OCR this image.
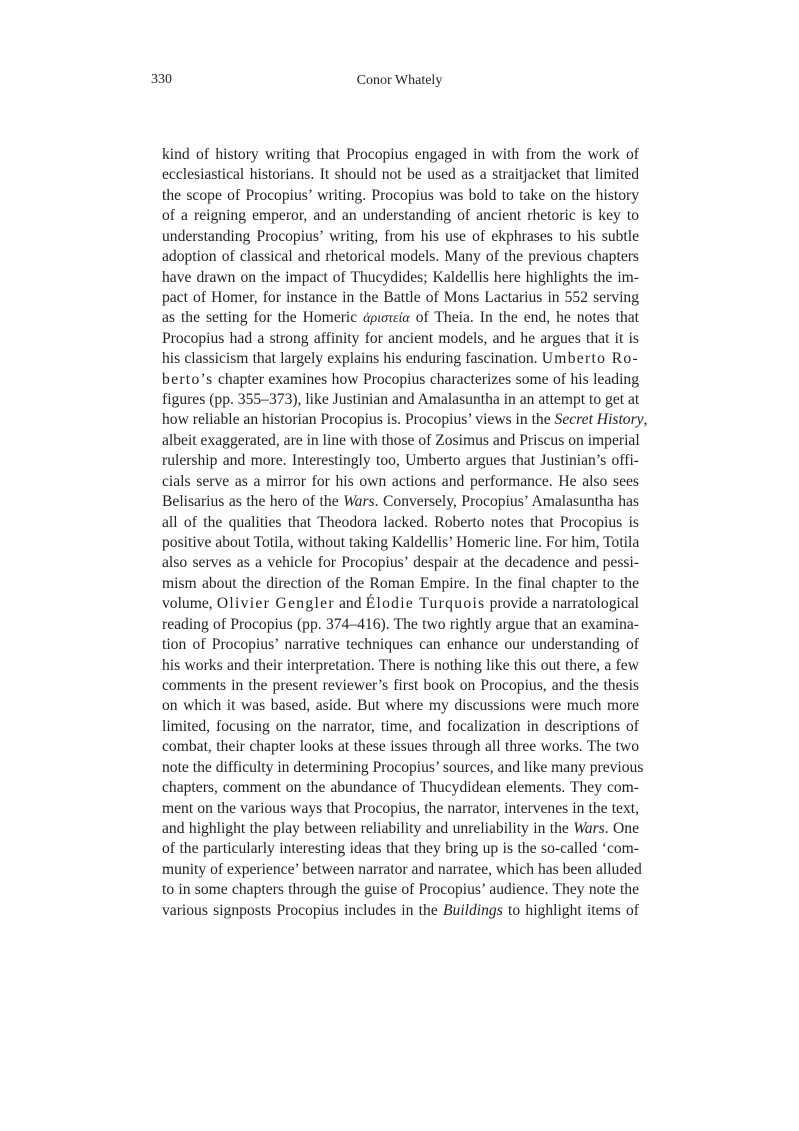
330	Conor Whately
kind of history writing that Procopius engaged in with from the work of
ecclesiastical historians. It should not be used as a straitjacket that limited
the scope of Procopius’ writing. Procopius was bold to take on the history
of a reigning emperor, and an understanding of ancient rhetoric is key to
understanding Procopius’ writing, from his use of ekphrases to his subtle
adoption of classical and rhetorical models. Many of the previous chapters
have drawn on the impact of Thucydides; Kaldellis here highlights the im-
pact of Homer, for instance in the Battle of Mons Lactarius in 552 serving
as the setting for the Homeric ἀριστεία of Theia. In the end, he notes that
Procopius had a strong affinity for ancient models, and he argues that it is
his classicism that largely explains his enduring fascination. Umberto Ro-
berto’s chapter examines how Procopius characterizes some of his leading
figures (pp. 355–373), like Justinian and Amalasuntha in an attempt to get at
how reliable an historian Procopius is. Procopius’ views in the Secret History,
albeit exaggerated, are in line with those of Zosimus and Priscus on imperial
rulership and more. Interestingly too, Umberto argues that Justinian’s offi-
cials serve as a mirror for his own actions and performance. He also sees
Belisarius as the hero of the Wars. Conversely, Procopius’ Amalasuntha has
all of the qualities that Theodora lacked. Roberto notes that Procopius is
positive about Totila, without taking Kaldellis’ Homeric line. For him, Totila
also serves as a vehicle for Procopius’ despair at the decadence and pessi-
mism about the direction of the Roman Empire. In the final chapter to the
volume, Olivier Gengler and Élodie Turquois provide a narratological
reading of Procopius (pp. 374–416). The two rightly argue that an examina-
tion of Procopius’ narrative techniques can enhance our understanding of
his works and their interpretation. There is nothing like this out there, a few
comments in the present reviewer’s first book on Procopius, and the thesis
on which it was based, aside. But where my discussions were much more
limited, focusing on the narrator, time, and focalization in descriptions of
combat, their chapter looks at these issues through all three works. The two
note the difficulty in determining Procopius’ sources, and like many previous
chapters, comment on the abundance of Thucydidean elements. They com-
ment on the various ways that Procopius, the narrator, intervenes in the text,
and highlight the play between reliability and unreliability in the Wars. One
of the particularly interesting ideas that they bring up is the so-called ‘com-
munity of experience’ between narrator and narratee, which has been alluded
to in some chapters through the guise of Procopius’ audience. They note the
various signposts Procopius includes in the Buildings to highlight items of
